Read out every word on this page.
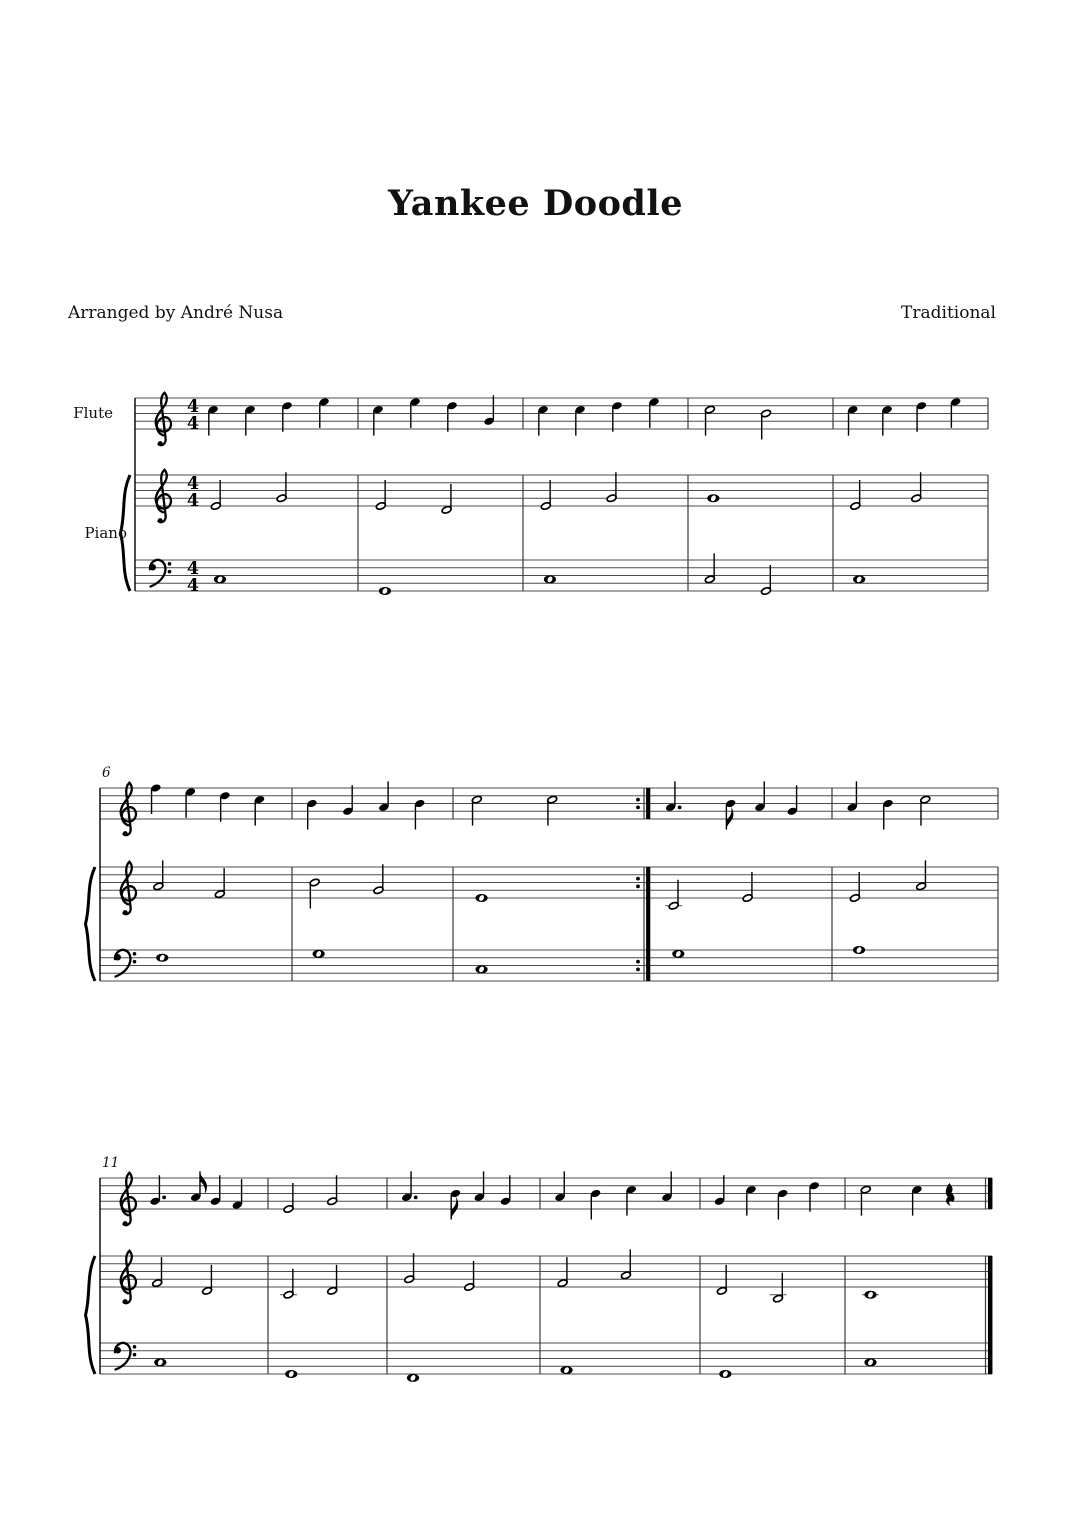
Yankee Doodle
Arranged by André Nusa	Traditional
4
4
4
4
4
4
Flute
Piano
6
11
